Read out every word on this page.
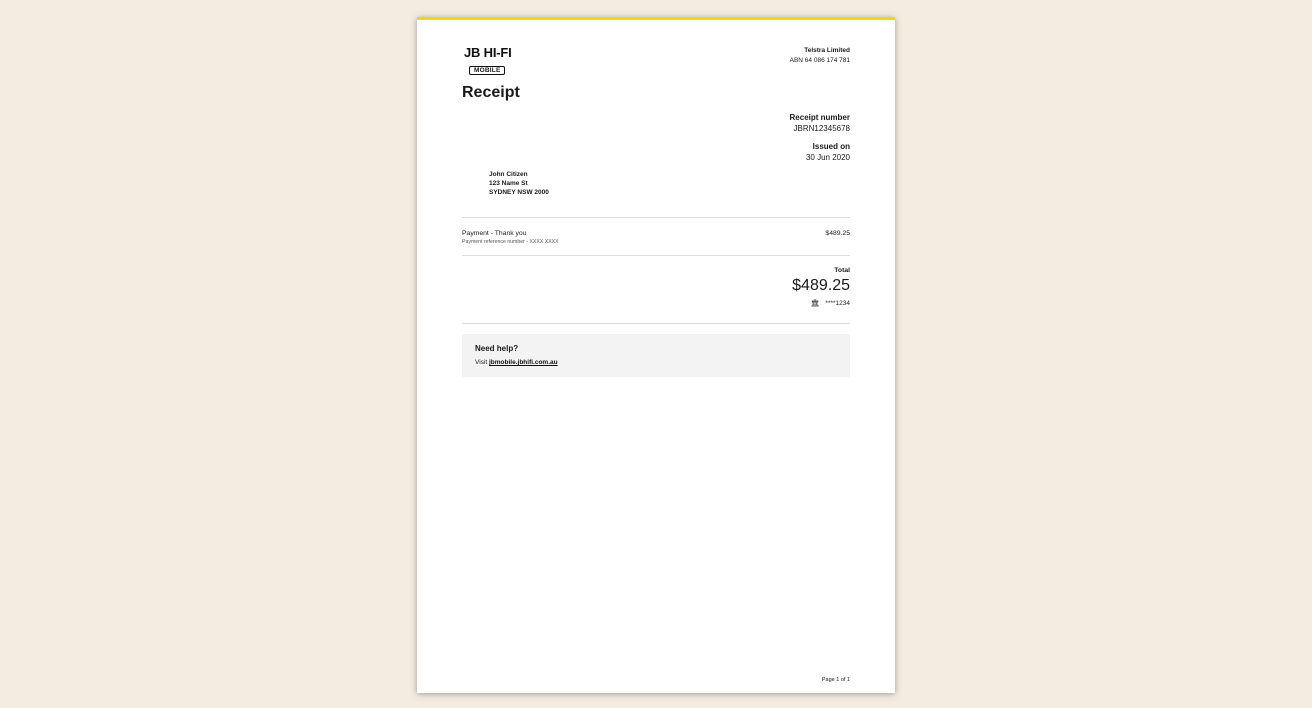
JB HI-FI
MOBILE
Telstra Limited
ABN 64 086 174 781
Receipt
Receipt number
JBRN12345678
Issued on
30 Jun 2020
John Citizen
123 Name St
SYDNEY NSW 2000
Payment - Thank you
Payment reference number - XXXX XXXX
$489.25
Total
$489.25
🏛 ****1234
Need help?
Visit jbmobile.jbhifi.com.au
Page 1 of 1
